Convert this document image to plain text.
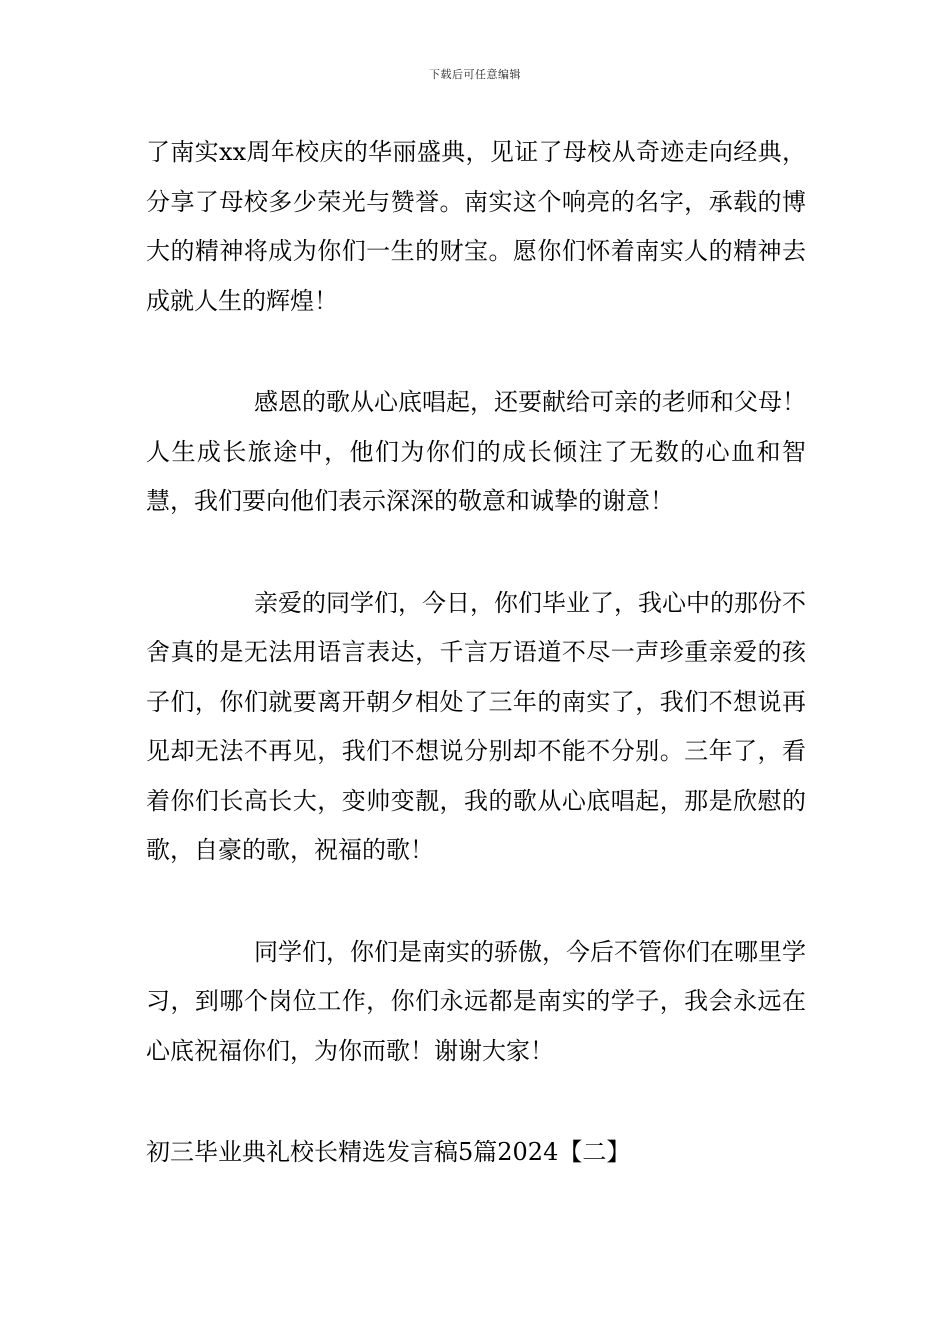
下载后可任意编辑

了南实xx周年校庆的华丽盛典，见证了母校从奇迹走向经典，分享了母校多少荣光与赞誉。南实这个响亮的名字，承载的博大的精神将成为你们一生的财宝。愿你们怀着南实人的精神去成就人生的辉煌！

感恩的歌从心底唱起，还要献给可亲的老师和父母！人生成长旅途中，他们为你们的成长倾注了无数的心血和智慧，我们要向他们表示深深的敬意和诚挚的谢意！

亲爱的同学们，今日，你们毕业了，我心中的那份不舍真的是无法用语言表达，千言万语道不尽一声珍重亲爱的孩子们，你们就要离开朝夕相处了三年的南实了，我们不想说再见却无法不再见，我们不想说分别却不能不分别。三年了，看着你们长高长大，变帅变靓，我的歌从心底唱起，那是欣慰的歌，自豪的歌，祝福的歌！

同学们，你们是南实的骄傲，今后不管你们在哪里学习，到哪个岗位工作，你们永远都是南实的学子，我会永远在心底祝福你们，为你而歌！谢谢大家！

初三毕业典礼校长精选发言稿5篇2024【二】
